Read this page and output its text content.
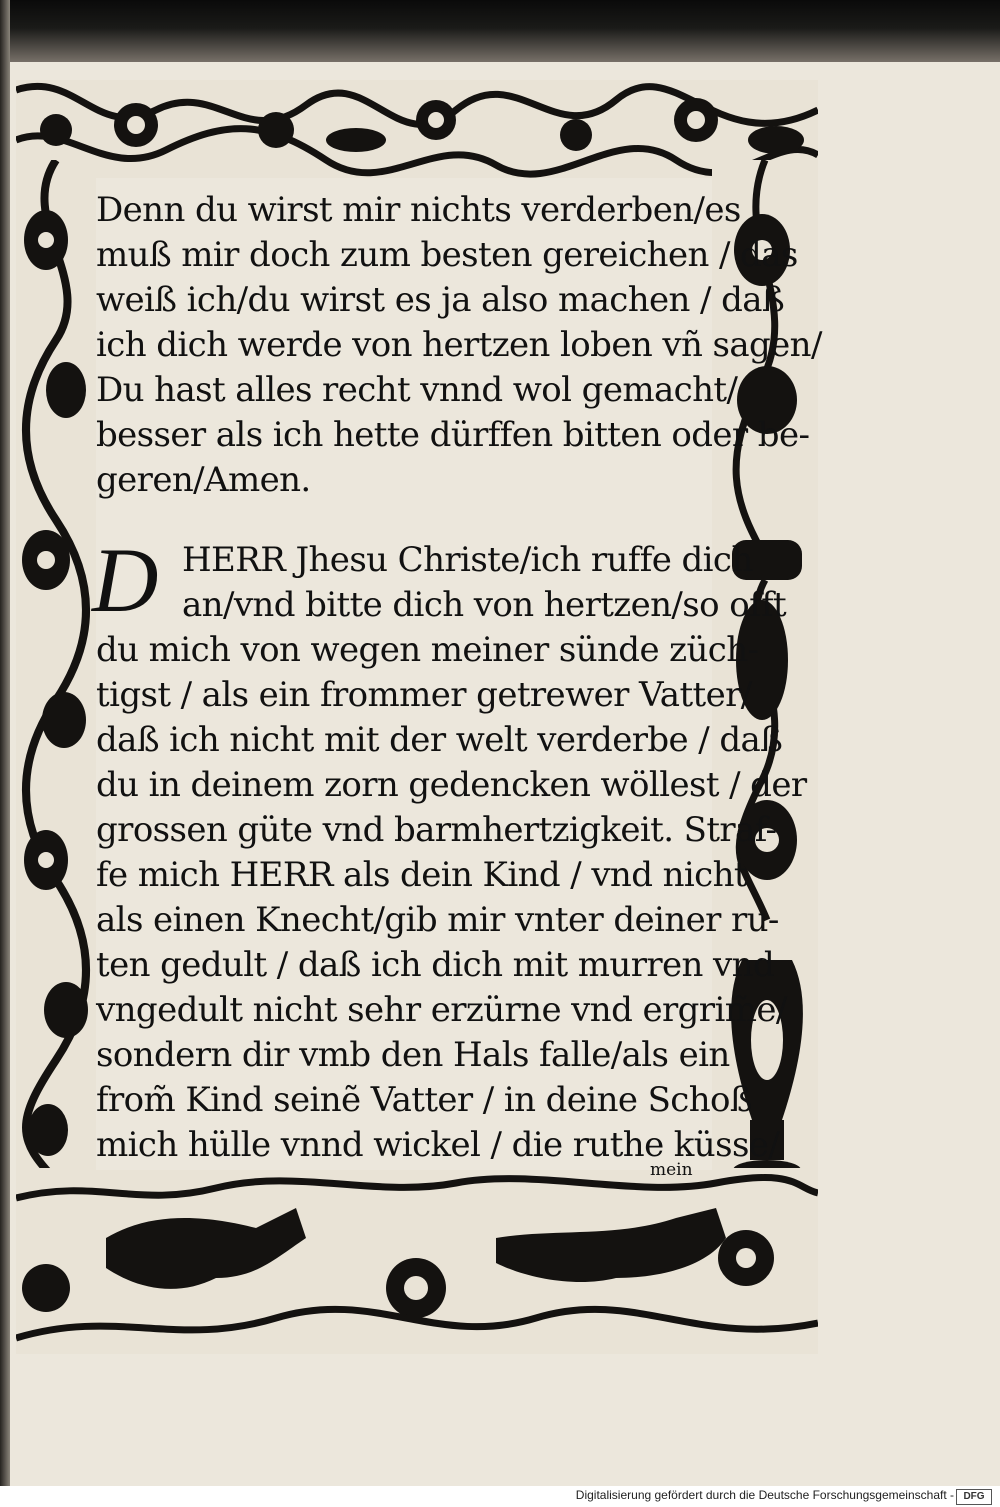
Denn du wirst mir nichts verderben/es
muß mir doch zum besten gereichen / das
weiß ich/du wirst es ja also machen / daß
ich dich werde von hertzen loben vñ sagen/
Du hast alles recht vnnd wol gemacht/
besser als ich hette dürffen bitten oder be-
geren/Amen.
D HERR Jhesu Christe/ich ruffe dich
an/vnd bitte dich von hertzen/so offt
du mich von wegen meiner sünde züch-
tigst / als ein frommer getrewer Vatter/
daß ich nicht mit der welt verderbe / daß
du in deinem zorn gedencken wöllest / der
grossen güte vnd barmhertzigkeit. Straf-
fe mich HERR als dein Kind / vnd nicht
als einen Knecht/gib mir vnter deiner ru-
ten gedult / daß ich dich mit murren vnd
vngedult nicht sehr erzürne vnd ergrim̃e/
sondern dir vmb den Hals falle/als ein
from̃ Kind seinẽ Vatter / in deine Schoß
mich hülle vnnd wickel / die ruthe küsse/
mein
Digitalisierung gefördert durch die Deutsche Forschungsgemeinschaft - DFG
